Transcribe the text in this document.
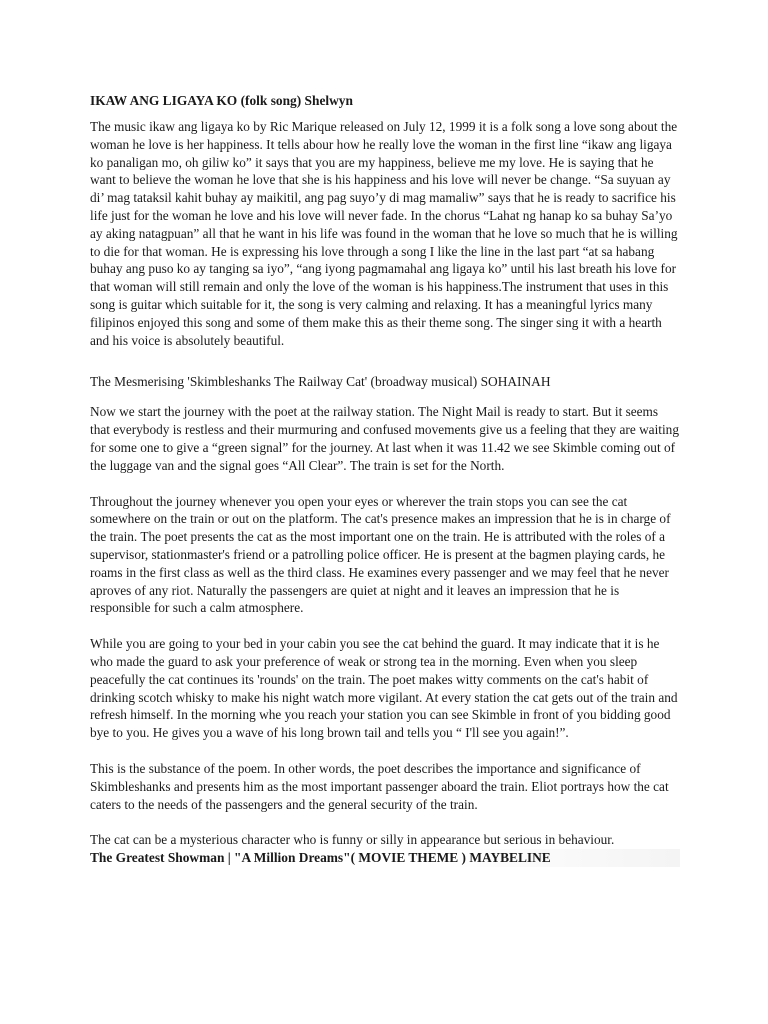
IKAW ANG LIGAYA KO (folk song) Shelwyn

The music ikaw ang ligaya ko by Ric Marique released on July 12, 1999 it is a folk song a love song about the woman he love is her happiness. It tells abour how he really love the woman in the first line “ikaw ang ligaya ko panaligan mo, oh giliw ko” it says that you are my happiness, believe me my love. He is saying that he want to believe the woman he love that she is his happiness and his love will never be change. “Sa suyuan ay di’ mag tataksil kahit buhay ay maikitil, ang pag suyo’y di mag mamaliw” says that he is ready to sacrifice his life just for the woman he love and his love will never fade. In the chorus “Lahat ng hanap ko sa buhay Sa’yo ay aking natagpuan” all that he want in his life was found in the woman that he love so much that he is willing to die for that woman. He is expressing his love through a song I like the line in the last part “at sa habang buhay ang puso ko ay tanging sa iyo”, “ang iyong pagmamahal ang ligaya ko” until his last breath his love for that woman will still remain and only the love of the woman is his happiness.The instrument that uses in this song is guitar which suitable for it, the song is very calming and relaxing. It has a meaningful lyrics many filipinos enjoyed this song and some of them make this as their theme song. The singer sing it with a hearth and his voice is absolutely beautiful.

The Mesmerising 'Skimbleshanks The Railway Cat' (broadway musical) SOHAINAH

Now we start the journey with the poet at the railway station. The Night Mail is ready to start. But it seems that everybody is restless and their murmuring and confused movements give us a feeling that they are waiting for some one to give a “green signal” for the journey. At last when it was 11.42 we see Skimble coming out of the luggage van and the signal goes “All Clear”. The train is set for the North.

Throughout the journey whenever you open your eyes or wherever the train stops you can see the cat somewhere on the train or out on the platform. The cat's presence makes an impression that he is in charge of the train. The poet presents the cat as the most important one on the train. He is attributed with the roles of a supervisor, stationmaster's friend or a patrolling police officer. He is present at the bagmen playing cards, he roams in the first class as well as the third class. He examines every passenger and we may feel that he never aproves of any riot. Naturally the passengers are quiet at night and it leaves an impression that he is responsible for such a calm atmosphere.

While you are going to your bed in your cabin you see the cat behind the guard. It may indicate that it is he who made the guard to ask your preference of weak or strong tea in the morning. Even when you sleep peacefully the cat continues its 'rounds' on the train. The poet makes witty comments on the cat's habit of drinking scotch whisky to make his night watch more vigilant. At every station the cat gets out of the train and refresh himself. In the morning whe you reach your station you can see Skimble in front of you bidding good bye to you. He gives you a wave of his long brown tail and tells you “ I'll see you again!”.

This is the substance of the poem. In other words, the poet describes the importance and significance of Skimbleshanks and presents him as the most important passenger aboard the train. Eliot portrays how the cat caters to the needs of the passengers and the general security of the train.

The cat can be a mysterious character who is funny or silly in appearance but serious in behaviour.

The Greatest Showman | "A Million Dreams"( MOVIE THEME ) MAYBELINE
